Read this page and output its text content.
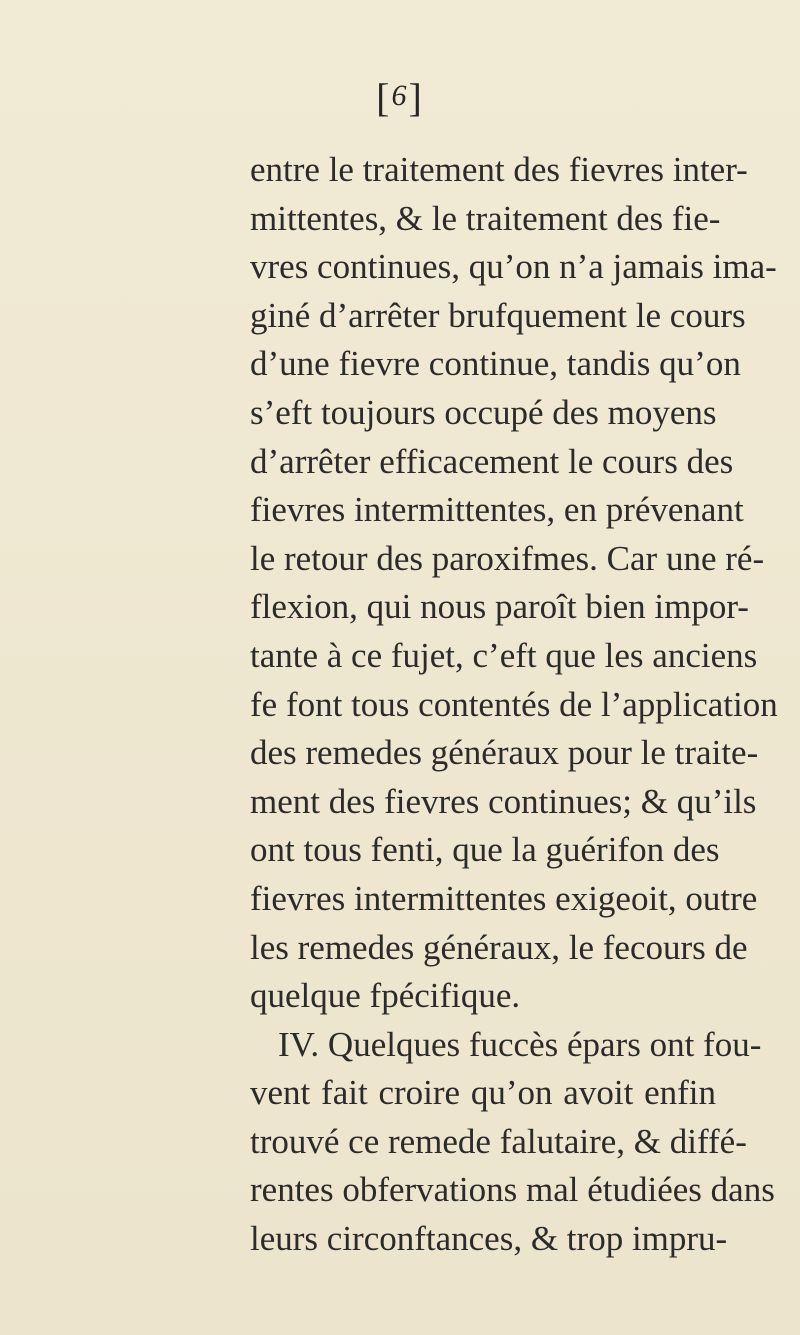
[6]
entre le traitement des fievres inter-
mittentes, & le traitement des fie-
vres continues, qu’on n’a jamais ima-
giné d’arrêter brufquement le cours
d’une fievre continue, tandis qu’on
s’eft toujours occupé des moyens
d’arrêter efficacement le cours des
fievres intermittentes, en prévenant
le retour des paroxifmes. Car une ré-
flexion, qui nous paroît bien impor-
tante à ce fujet, c’eft que les anciens
fe font tous contentés de l’application
des remedes généraux pour le traite-
ment des fievres continues; & qu’ils
ont tous fenti, que la guérifon des
fievres intermittentes exigeoit, outre
les remedes généraux, le fecours de
quelque fpécifique.
IV. Quelques fuccès épars ont fou-
vent fait croire qu’on avoit enfin
trouvé ce remede falutaire, & diffé-
rentes obfervations mal étudiées dans
leurs circonftances, & trop impru-
